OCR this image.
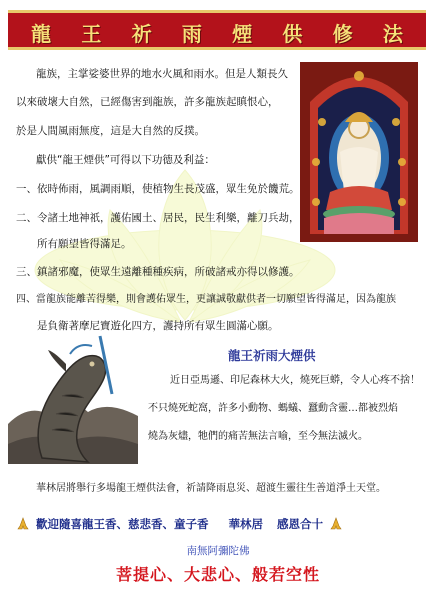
龍 王 祈 雨 煙 供 修 法
龍族，主掌娑婆世界的地水火風和雨水。但是人類長久
以來破壞大自然，已經傷害到龍族，許多龍族起瞋恨心，
於是人間風雨無度，這是大自然的反撲。
獻供“龍王煙供”可得以下功德及利益：
一、依時佈雨，風調雨順，使植物生長茂盛，眾生免於饑荒。
二、令諸土地神祇，護佑國土、居民，民生利樂，離刀兵劫，
所有願望皆得滿足。
三、鎮諸邪魔，使眾生遠離種種疾病，所破諸戒亦得以修護。
四、當龍族能離苦得樂，則會護佑眾生，更讓誠敬獻供者一切願望皆得滿足，因為龍族
是負衛著摩尼寶遊化四方，護持所有眾生圓滿心願。
龍王祈雨大煙供
近日亞馬遜、印尼森林大火，燒死巨蟒，令人心疼不捨！
不只燒死蛇窩，許多小動物、螞蟻、蠶動含靈…都被烈焰
燒為灰燼，牠們的痛苦無法言喻，至今無法滅火。
華林居將舉行多場龍王煙供法會，祈請降雨息災、超渡生靈往生善道淨土天堂。
歡迎隨喜龍王香、慈悲香、童子香 華林居 感恩合十
南無阿彌陀佛
菩提心、大悲心、般若空性
